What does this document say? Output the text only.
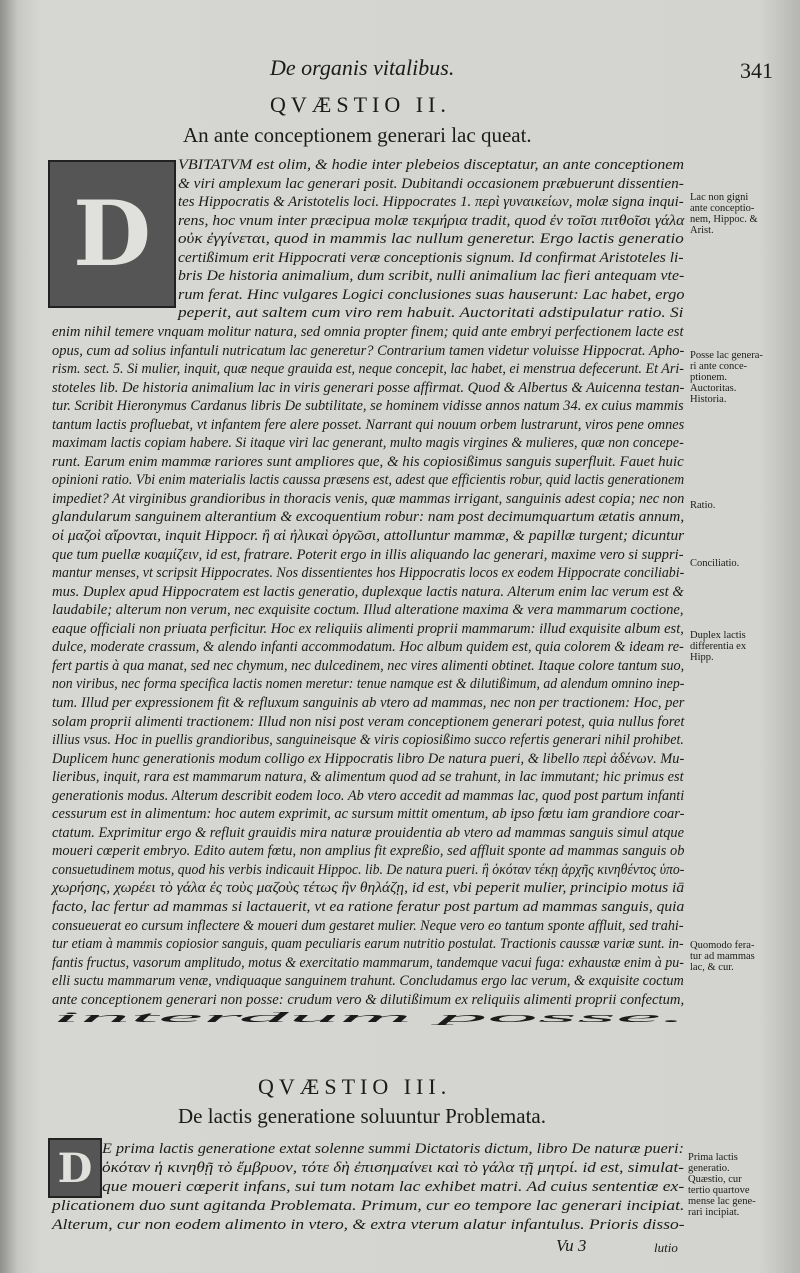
De organis vitalibus.	341
QVÆSTIO II.
An ante conceptionem generari lac queat.
D
VBITATVM est olim, & hodie inter plebeios disceptatur, an ante conceptionem
& viri amplexum lac generari posit. Dubitandi occasionem præbuerunt dissentien-
tes Hippocratis & Aristotelis loci. Hippocrates 1. περὶ γυναικείων, molæ signa inqui-
rens, hoc vnum inter præcipua molæ τεκμήρια tradit, quod ἐν τοῖσι πιτθοῖσι γάλα
οὐκ ἐγγίνεται, quod in mammis lac nullum generetur. Ergo lactis generatio
certißimum erit Hippocrati veræ conceptionis signum. Id confirmat Aristoteles li-
bris De historia animalium, dum scribit, nulli animalium lac fieri antequam vte-
rum ferat. Hinc vulgares Logici conclusiones suas hauserunt: Lac habet, ergo
peperit, aut saltem cum viro rem habuit. Auctoritati adstipulatur ratio. Si
enim nihil temere vnquam molitur natura, sed omnia propter finem; quid ante embryi perfectionem lacte est
opus, cum ad solius infantuli nutricatum lac generetur? Contrarium tamen videtur voluisse Hippocrat. Apho-
rism. sect. 5. Si mulier, inquit, quæ neque grauida est, neque concepit, lac habet, ei menstrua defecerunt. Et Ari-
stoteles lib. De historia animalium lac in viris generari posse affirmat. Quod & Albertus & Auicenna testan-
tur. Scribit Hieronymus Cardanus libris De subtilitate, se hominem vidisse annos natum 34. ex cuius mammis
tantum lactis profluebat, vt infantem fere alere posset. Narrant qui nouum orbem lustrarunt, viros pene omnes
maximam lactis copiam habere. Si itaque viri lac generant, multo magis virgines & mulieres, quæ non concepe-
runt. Earum enim mammæ rariores sunt ampliores que, & his copiosißimus sanguis superfluit. Fauet huic
opinioni ratio. Vbi enim materialis lactis caussa præsens est, adest que efficientis robur, quid lactis generationem
impediet? At virginibus grandioribus in thoracis venis, quæ mammas irrigant, sanguinis adest copia; nec non
glandularum sanguinem alterantium & excoquentium robur: nam post decimumquartum ætatis annum,
οἱ μαζοὶ αἴρονται, inquit Hippocr. ἢ αἱ ἠλικαὶ ὀργῶσι, attolluntur mammæ, & papillæ turgent; dicuntur
que tum puellæ κυαμίζειν, id est, fratrare. Poterit ergo in illis aliquando lac generari, maxime vero si suppri-
mantur menses, vt scripsit Hippocrates. Nos dissentientes hos Hippocratis locos ex eodem Hippocrate conciliabi-
mus. Duplex apud Hippocratem est lactis generatio, duplexque lactis natura. Alterum enim lac verum est &
laudabile; alterum non verum, nec exquisite coctum. Illud alteratione maxima & vera mammarum coctione,
eaque officiali non priuata perficitur. Hoc ex reliquiis alimenti proprii mammarum: illud exquisite album est,
dulce, moderate crassum, & alendo infanti accommodatum. Hoc album quidem est, quia colorem & ideam re-
fert partis à qua manat, sed nec chymum, nec dulcedinem, nec vires alimenti obtinet. Itaque colore tantum suo,
non viribus, nec forma specifica lactis nomen meretur: tenue namque est & dilutißimum, ad alendum omnino inep-
tum. Illud per expressionem fit & refluxum sanguinis ab vtero ad mammas, nec non per tractionem: Hoc, per
solam proprii alimenti tractionem: Illud non nisi post veram conceptionem generari potest, quia nullus foret
illius vsus. Hoc in puellis grandioribus, sanguineisque & viris copiosißimo succo refertis generari nihil prohibet.
Duplicem hunc generationis modum colligo ex Hippocratis libro De natura pueri, & libello περὶ ἀδένων. Mu-
lieribus, inquit, rara est mammarum natura, & alimentum quod ad se trahunt, in lac immutant; hic primus est
generationis modus. Alterum describit eodem loco. Ab vtero accedit ad mammas lac, quod post partum infanti
cessurum est in alimentum: hoc autem exprimit, ac sursum mittit omentum, ab ipso fœtu iam grandiore coar-
ctatum. Exprimitur ergo & refluit grauidis mira naturæ prouidentia ab vtero ad mammas sanguis simul atque
moueri cœperit embryo. Edito autem fœtu, non amplius fit expreßio, sed affluit sponte ad mammas sanguis ob
consuetudinem motus, quod his verbis indicauit Hippoc. lib. De natura pueri. ἢ ὁκόταν τέκῃ ἀρχῆς κινηθέντος ὑπο-
χωρήσης, χωρέει τὸ γάλα ἐς τοὺς μαζοὺς τέτως ἢν θηλάζῃ, id est, vbi peperit mulier, principio motus iā
facto, lac fertur ad mammas si lactauerit, vt ea ratione feratur post partum ad mammas sanguis, quia
consueuerat eo cursum inflectere & moueri dum gestaret mulier. Neque vero eo tantum sponte affluit, sed trahi-
tur etiam à mammis copiosior sanguis, quam peculiaris earum nutritio postulat. Tractionis caussæ variæ sunt. in-
fantis fructus, vasorum amplitudo, motus & exercitatio mammarum, tandemque vacui fuga: exhaustæ enim à pu-
elli suctu mammarum venæ, vndiquaque sanguinem trahunt. Concludamus ergo lac verum, & exquisite coctum
ante conceptionem generari non posse: crudum vero & dilutißimum ex reliquiis alimenti proprii confectum,
interdum posse.
QVÆSTIO III.
De lactis generatione soluuntur Problemata.
D E prima lactis generatione extat solenne summi Dictatoris dictum, libro De naturæ pueri:
ὁκόταν ἡ κινηθῇ τὸ ἔμβρυον, τότε δὴ ἐπισημαίνει καὶ τὸ γάλα τῇ μητρί. id est, simulat-
que moueri cœperit infans, sui tum notam lac exhibet matri. Ad cuius sententiæ ex-
plicationem duo sunt agitanda Problemata. Primum, cur eo tempore lac generari incipiat.
Alterum, cur non eodem alimento in vtero, & extra vterum alatur infantulus. Prioris disso-
Lac non gigni
ante conceptio-
nem, Hippoc. &
Arist.
Posse lac genera-
ri ante conce-
ptionem.
Auctoritas.
Historia.
Ratio.
Conciliatio.
Duplex lactis
differentia ex
Hipp.
Quomodo fera-
tur ad mammas
lac, & cur.
Prima lactis
generatio.
Quæstio, cur
tertio quartove
mense lac gene-
rari incipiat.
Vu 3	lutio
